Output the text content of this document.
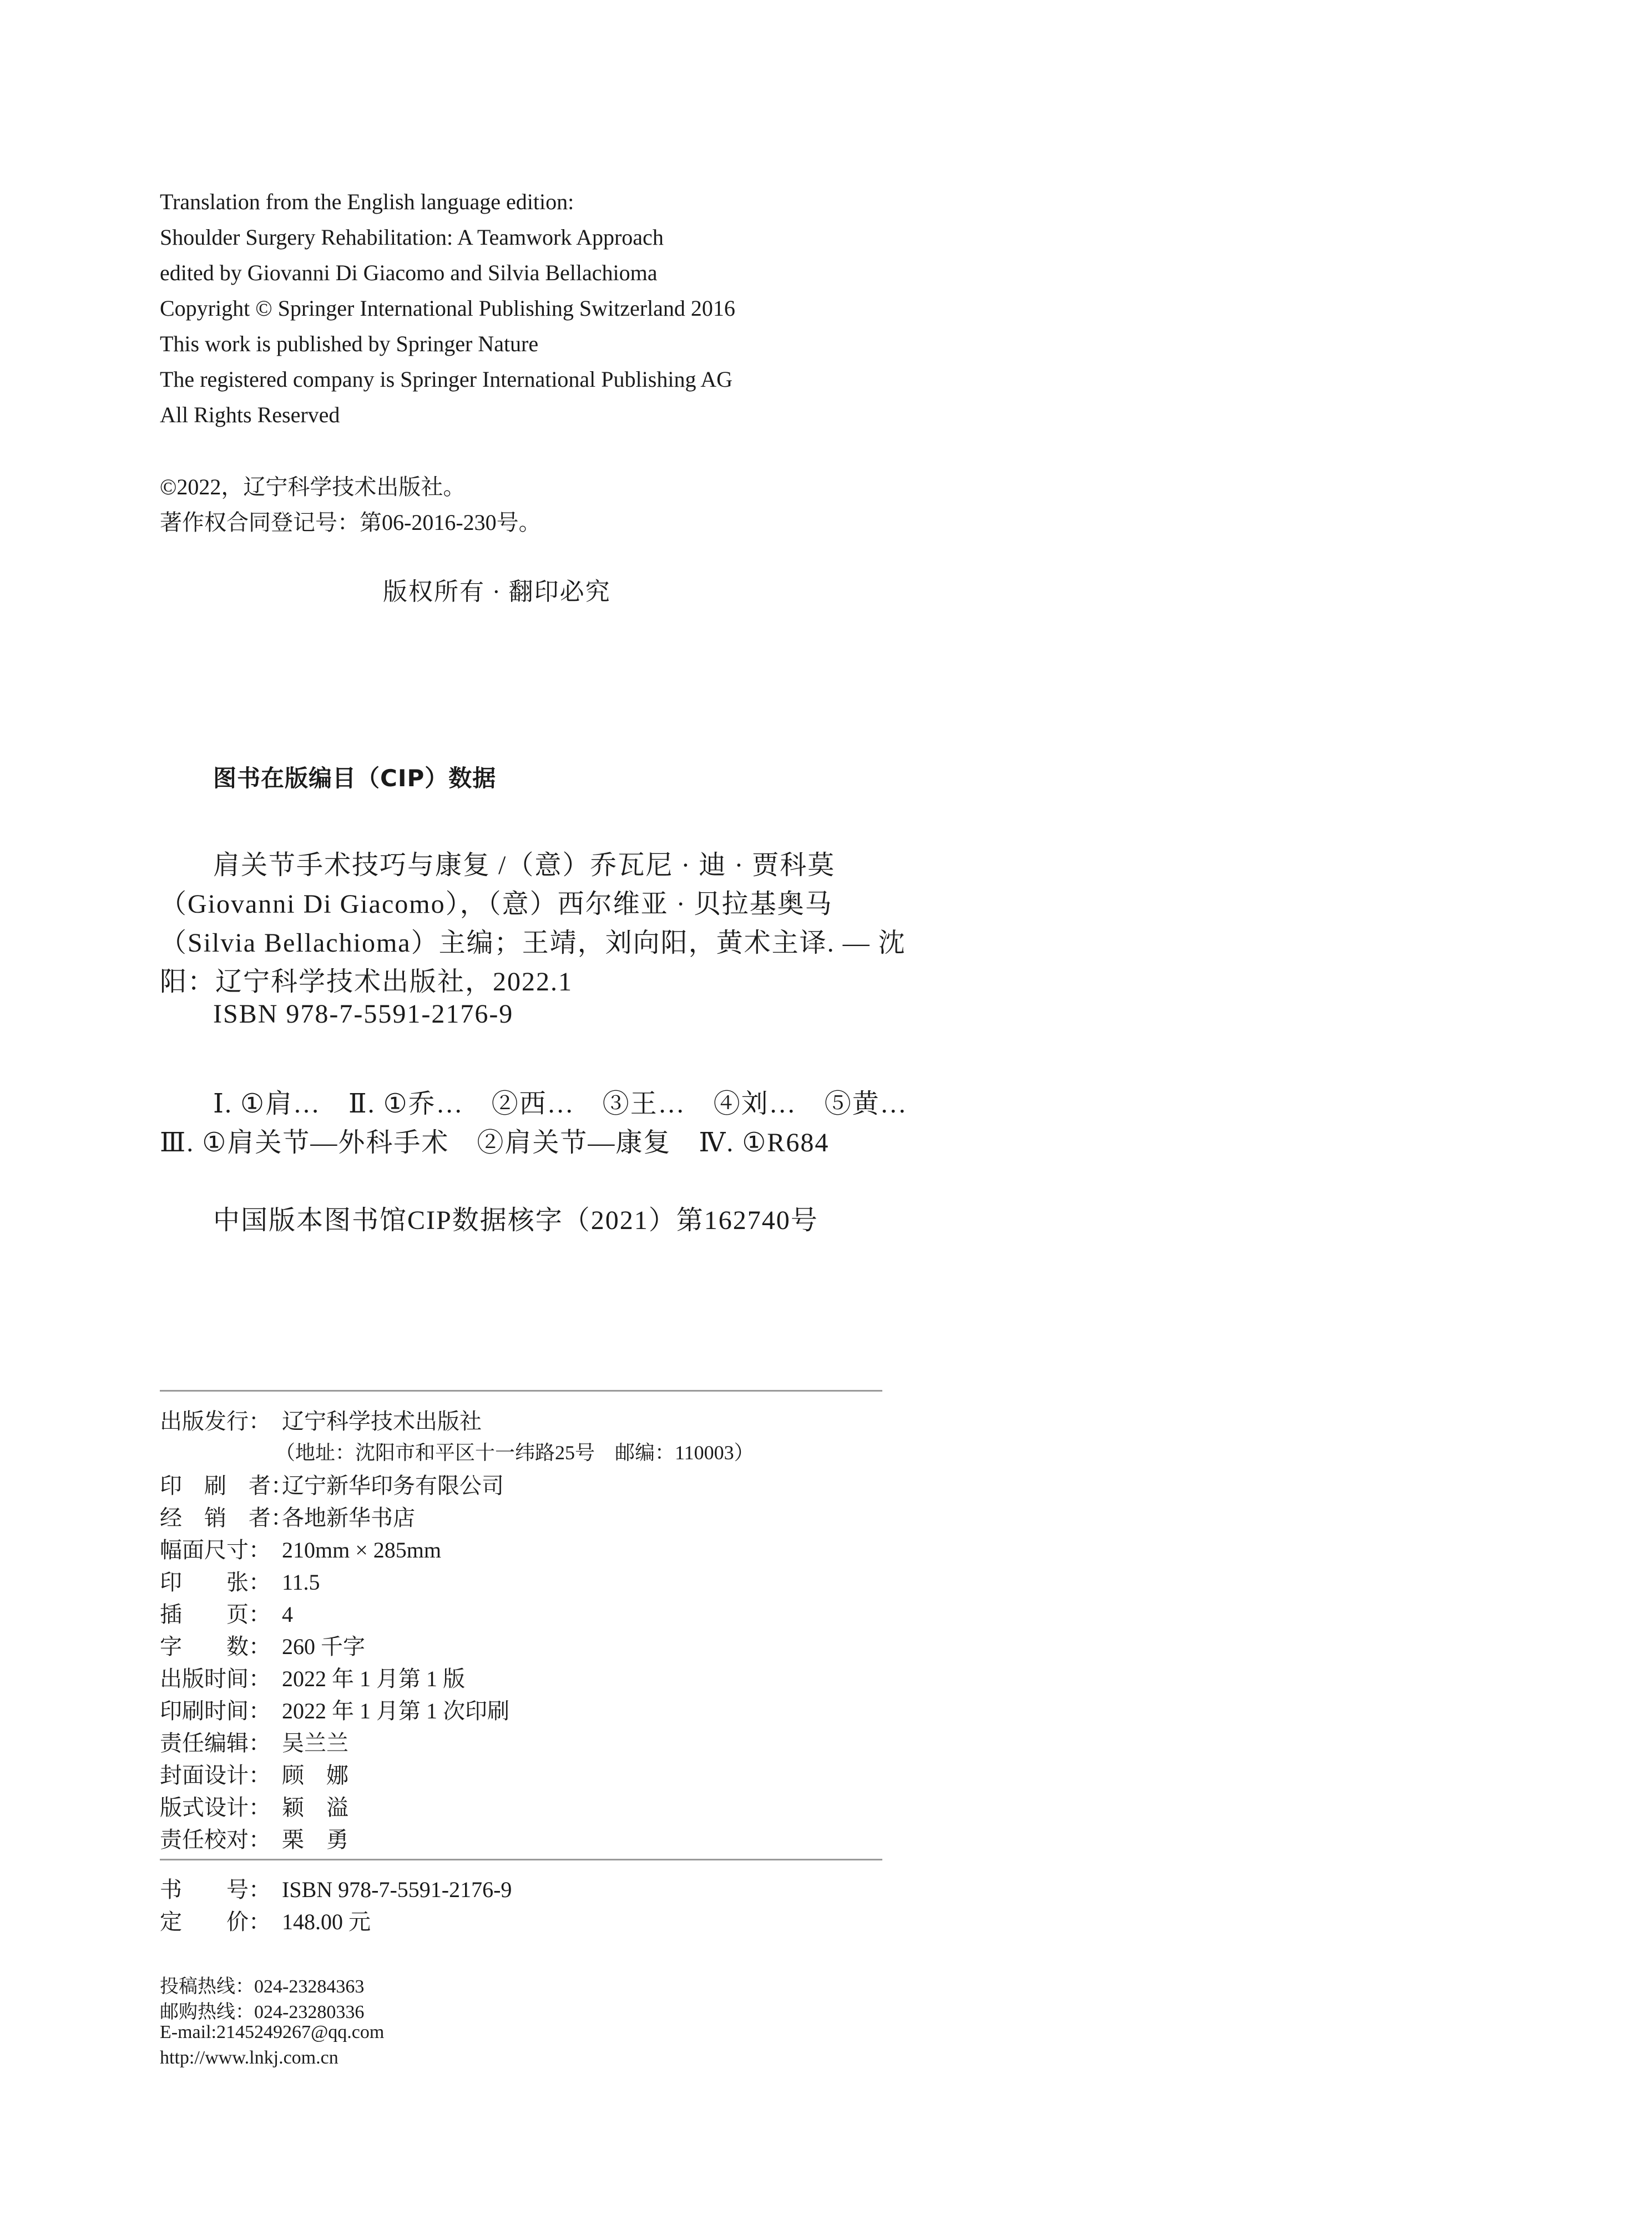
Translation from the English language edition:
Shoulder Surgery Rehabilitation: A Teamwork Approach
edited by Giovanni Di Giacomo and Silvia Bellachioma
Copyright © Springer International Publishing Switzerland 2016
This work is published by Springer Nature
The registered company is Springer International Publishing AG
All Rights Reserved
©2022，辽宁科学技术出版社。
著作权合同登记号：第06-2016-230号。
版权所有 · 翻印必究
图书在版编目（CIP）数据
肩关节手术技巧与康复 /（意）乔瓦尼 · 迪 · 贾科莫
（Giovanni Di Giacomo），（意）西尔维亚 · 贝拉基奥马
（Silvia Bellachioma）主编；王靖，刘向阳，黄术主译. — 沈
阳：辽宁科学技术出版社，2022.1
ISBN 978-7-5591-2176-9
Ⅰ. ①肩…　Ⅱ. ①乔…　②西…　③王…　④刘…　⑤黄…
Ⅲ. ①肩关节—外科手术　②肩关节—康复　Ⅳ. ①R684
中国版本图书馆CIP数据核字（2021）第162740号
出版发行： 辽宁科学技术出版社
（地址：沈阳市和平区十一纬路25号　邮编：110003）
印　刷　者：辽宁新华印务有限公司
经　销　者：各地新华书店
幅面尺寸： 210mm × 285mm
印　　张： 11.5
插　　页： 4
字　　数： 260 千字
出版时间： 2022 年 1 月第 1 版
印刷时间： 2022 年 1 月第 1 次印刷
责任编辑： 吴兰兰
封面设计： 顾　娜
版式设计： 颖　溢
责任校对： 栗　勇
书　　号： ISBN 978-7-5591-2176-9
定　　价： 148.00 元
投稿热线：024-23284363
邮购热线：024-23280336
E-mail:2145249267@qq.com
http://www.lnkj.com.cn
